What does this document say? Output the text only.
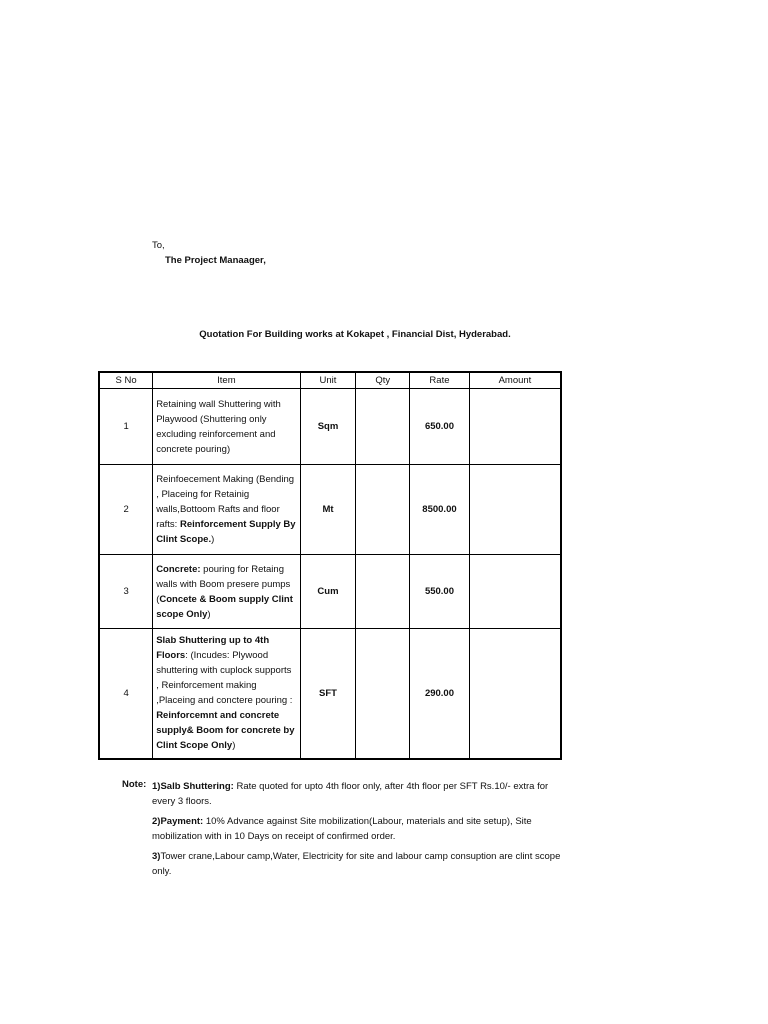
To,
The Project Manaager,
Quotation For Building works at Kokapet , Financial Dist, Hyderabad.
S No	Item	Unit	Qty	Rate	Amount
1	Retaining wall Shuttering with Playwood (Shuttering only excluding reinforcement and concrete pouring)	Sqm		650.00	
2	Reinfoecement Making (Bending , Placeing for Retainig walls,Bottoom Rafts and floor rafts: Reinforcement Supply By Clint Scope.)	Mt		8500.00	
3	Concrete: pouring for Retaing walls with Boom presere pumps (Concete & Boom supply Clint scope Only)	Cum		550.00	
4	Slab Shuttering up to 4th Floors: (Incudes: Plywood shuttering with cuplock supports , Reinforcement making ,Placeing and conctere pouring : Reinforcemnt and concrete supply& Boom for concrete by Clint Scope Only)	SFT		290.00	
Note: 1)Salb Shuttering: Rate quoted for upto 4th floor only, after 4th floor per SFT Rs.10/- extra for every 3 floors.
2)Payment: 10% Advance against Site mobilization(Labour, materials and site setup), Site mobilization with in 10 Days on receipt of confirmed order.
3)Tower crane,Labour camp,Water, Electricity for site and labour camp consuption are clint scope only.
